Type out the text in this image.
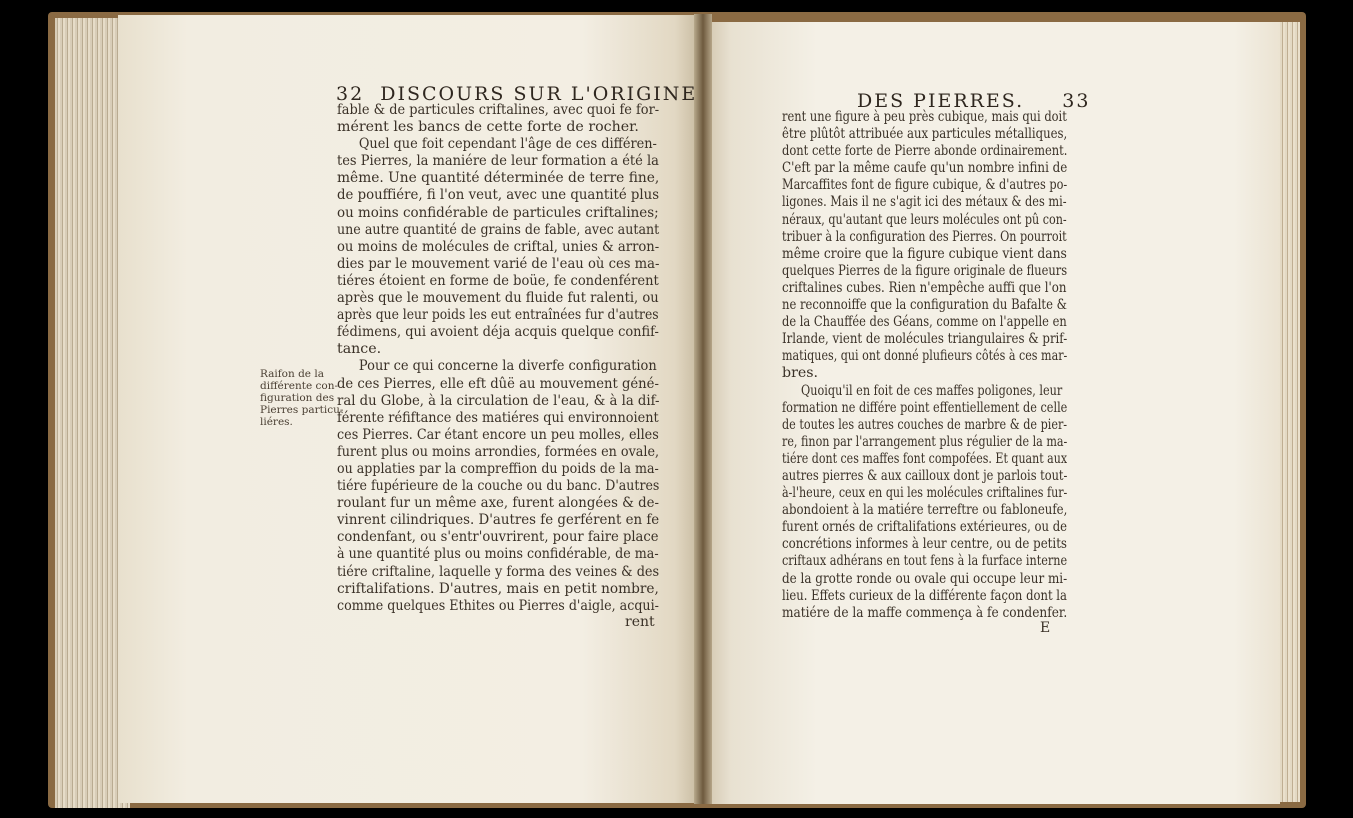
32 DISCOURS SUR L'ORIGINE
Raifon de la
différente con-
figuration des
Pierres particu-
liéres.
fable & de particules criftalines, avec quoi fe for-
mérent les bancs de cette forte de rocher.
Quel que foit cependant l'âge de ces différen-
tes Pierres, la maniére de leur formation a été la
même. Une quantité déterminée de terre fine,
de pouffiére, fi l'on veut, avec une quantité plus
ou moins confidérable de particules criftalines;
une autre quantité de grains de fable, avec autant
ou moins de molécules de criftal, unies & arron-
dies par le mouvement varié de l'eau où ces ma-
tiéres étoient en forme de boüe, fe condenférent
après que le mouvement du fluide fut ralenti, ou
après que leur poids les eut entraînées fur d'autres
fédimens, qui avoient déja acquis quelque confif-
tance.
Pour ce qui concerne la diverfe configuration
de ces Pierres, elle eft dûë au mouvement géné-
ral du Globe, à la circulation de l'eau, & à la dif-
férente réfiftance des matiéres qui environnoient
ces Pierres. Car étant encore un peu molles, elles
furent plus ou moins arrondies, formées en ovale,
ou applaties par la compreffion du poids de la ma-
tiére fupérieure de la couche ou du banc. D'autres
roulant fur un même axe, furent alongées & de-
vinrent cilindriques. D'autres fe gerférent en fe
condenfant, ou s'entr'ouvrirent, pour faire place
à une quantité plus ou moins confidérable, de ma-
tiére criftaline, laquelle y forma des veines & des
criftalifations. D'autres, mais en petit nombre,
comme quelques Ethites ou Pierres d'aigle, acqui-
rent
DES PIERRES. 33
rent une figure à peu près cubique, mais qui doit
être plûtôt attribuée aux particules métalliques,
dont cette forte de Pierre abonde ordinairement.
C'eft par la même caufe qu'un nombre infini de
Marcaffites font de figure cubique, & d'autres po-
ligones. Mais il ne s'agit ici des métaux & des mi-
néraux, qu'autant que leurs molécules ont pû con-
tribuer à la configuration des Pierres. On pourroit
même croire que la figure cubique vient dans
quelques Pierres de la figure originale de flueurs
criftalines cubes. Rien n'empêche auffi que l'on
ne reconnoiffe que la configuration du Bafalte &
de la Chauffée des Géans, comme on l'appelle en
Irlande, vient de molécules triangulaires & prif-
matiques, qui ont donné plufieurs côtés à ces mar-
bres.
Quoiqu'il en foit de ces maffes poligones, leur
formation ne différe point effentiellement de celle
de toutes les autres couches de marbre & de pier-
re, finon par l'arrangement plus régulier de la ma-
tiére dont ces maffes font compofées. Et quant aux
autres pierres & aux cailloux dont je parlois tout-
à-l'heure, ceux en qui les molécules criftalines fur-
abondoient à la matiére terreftre ou fabloneufe,
furent ornés de criftalifations extérieures, ou de
concrétions informes à leur centre, ou de petits
criftaux adhérans en tout fens à la furface interne
de la grotte ronde ou ovale qui occupe leur mi-
lieu. Effets curieux de la différente façon dont la
matiére de la maffe commença à fe condenfer.
E
